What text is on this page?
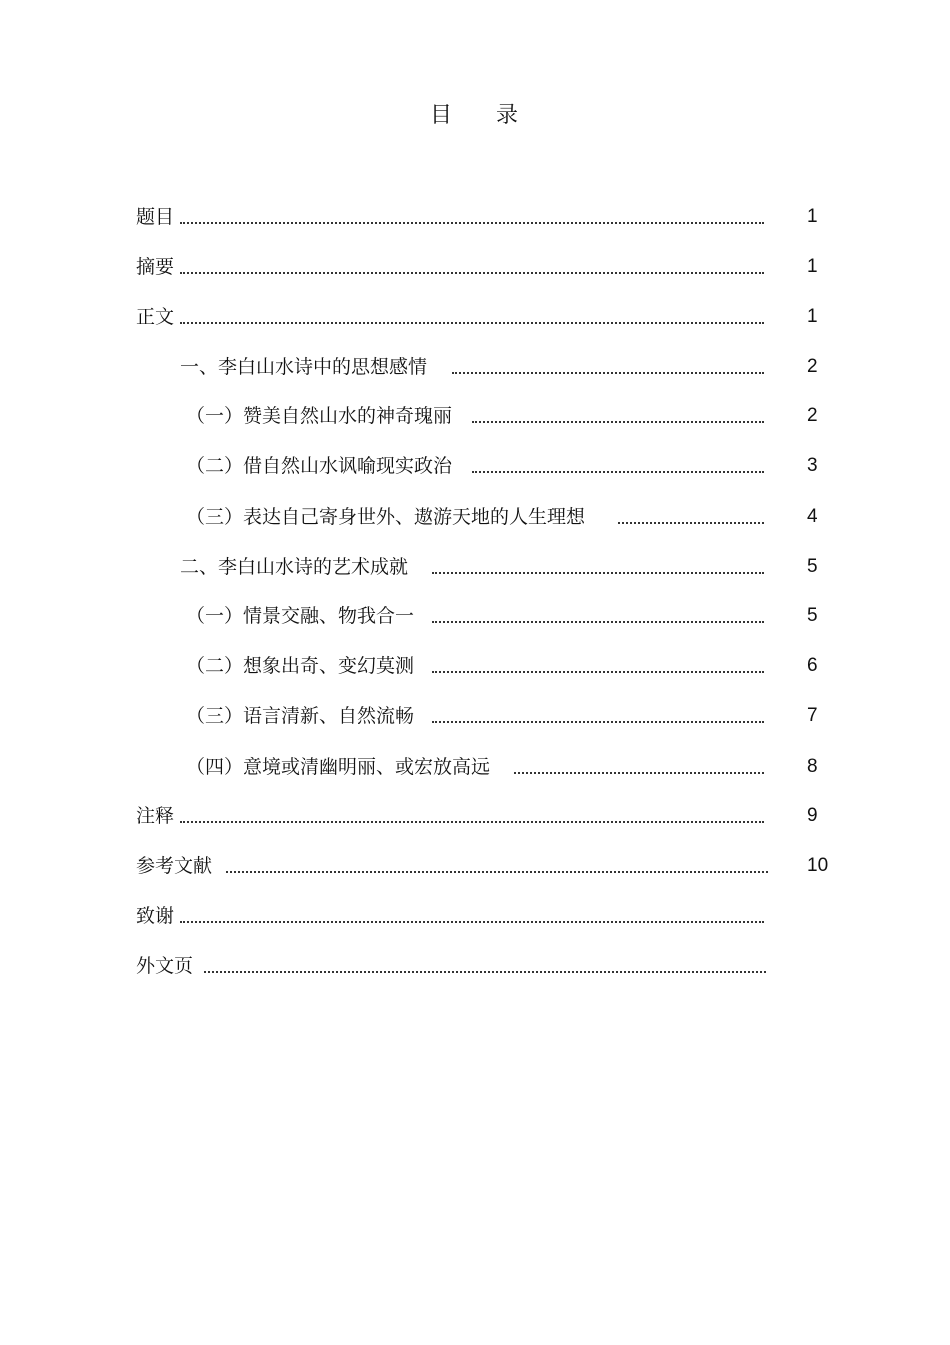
目 录
题目	1
摘要	1
正文	1
一、李白山水诗中的思想感情	2
（一）赞美自然山水的神奇瑰丽	2
（二）借自然山水讽喻现实政治	3
（三）表达自己寄身世外、遨游天地的人生理想	4
二、李白山水诗的艺术成就	5
（一）情景交融、物我合一	5
（二）想象出奇、变幻莫测	6
（三）语言清新、自然流畅	7
（四）意境或清幽明丽、或宏放高远	8
注释	9
参考文献	10
致谢
外文页
